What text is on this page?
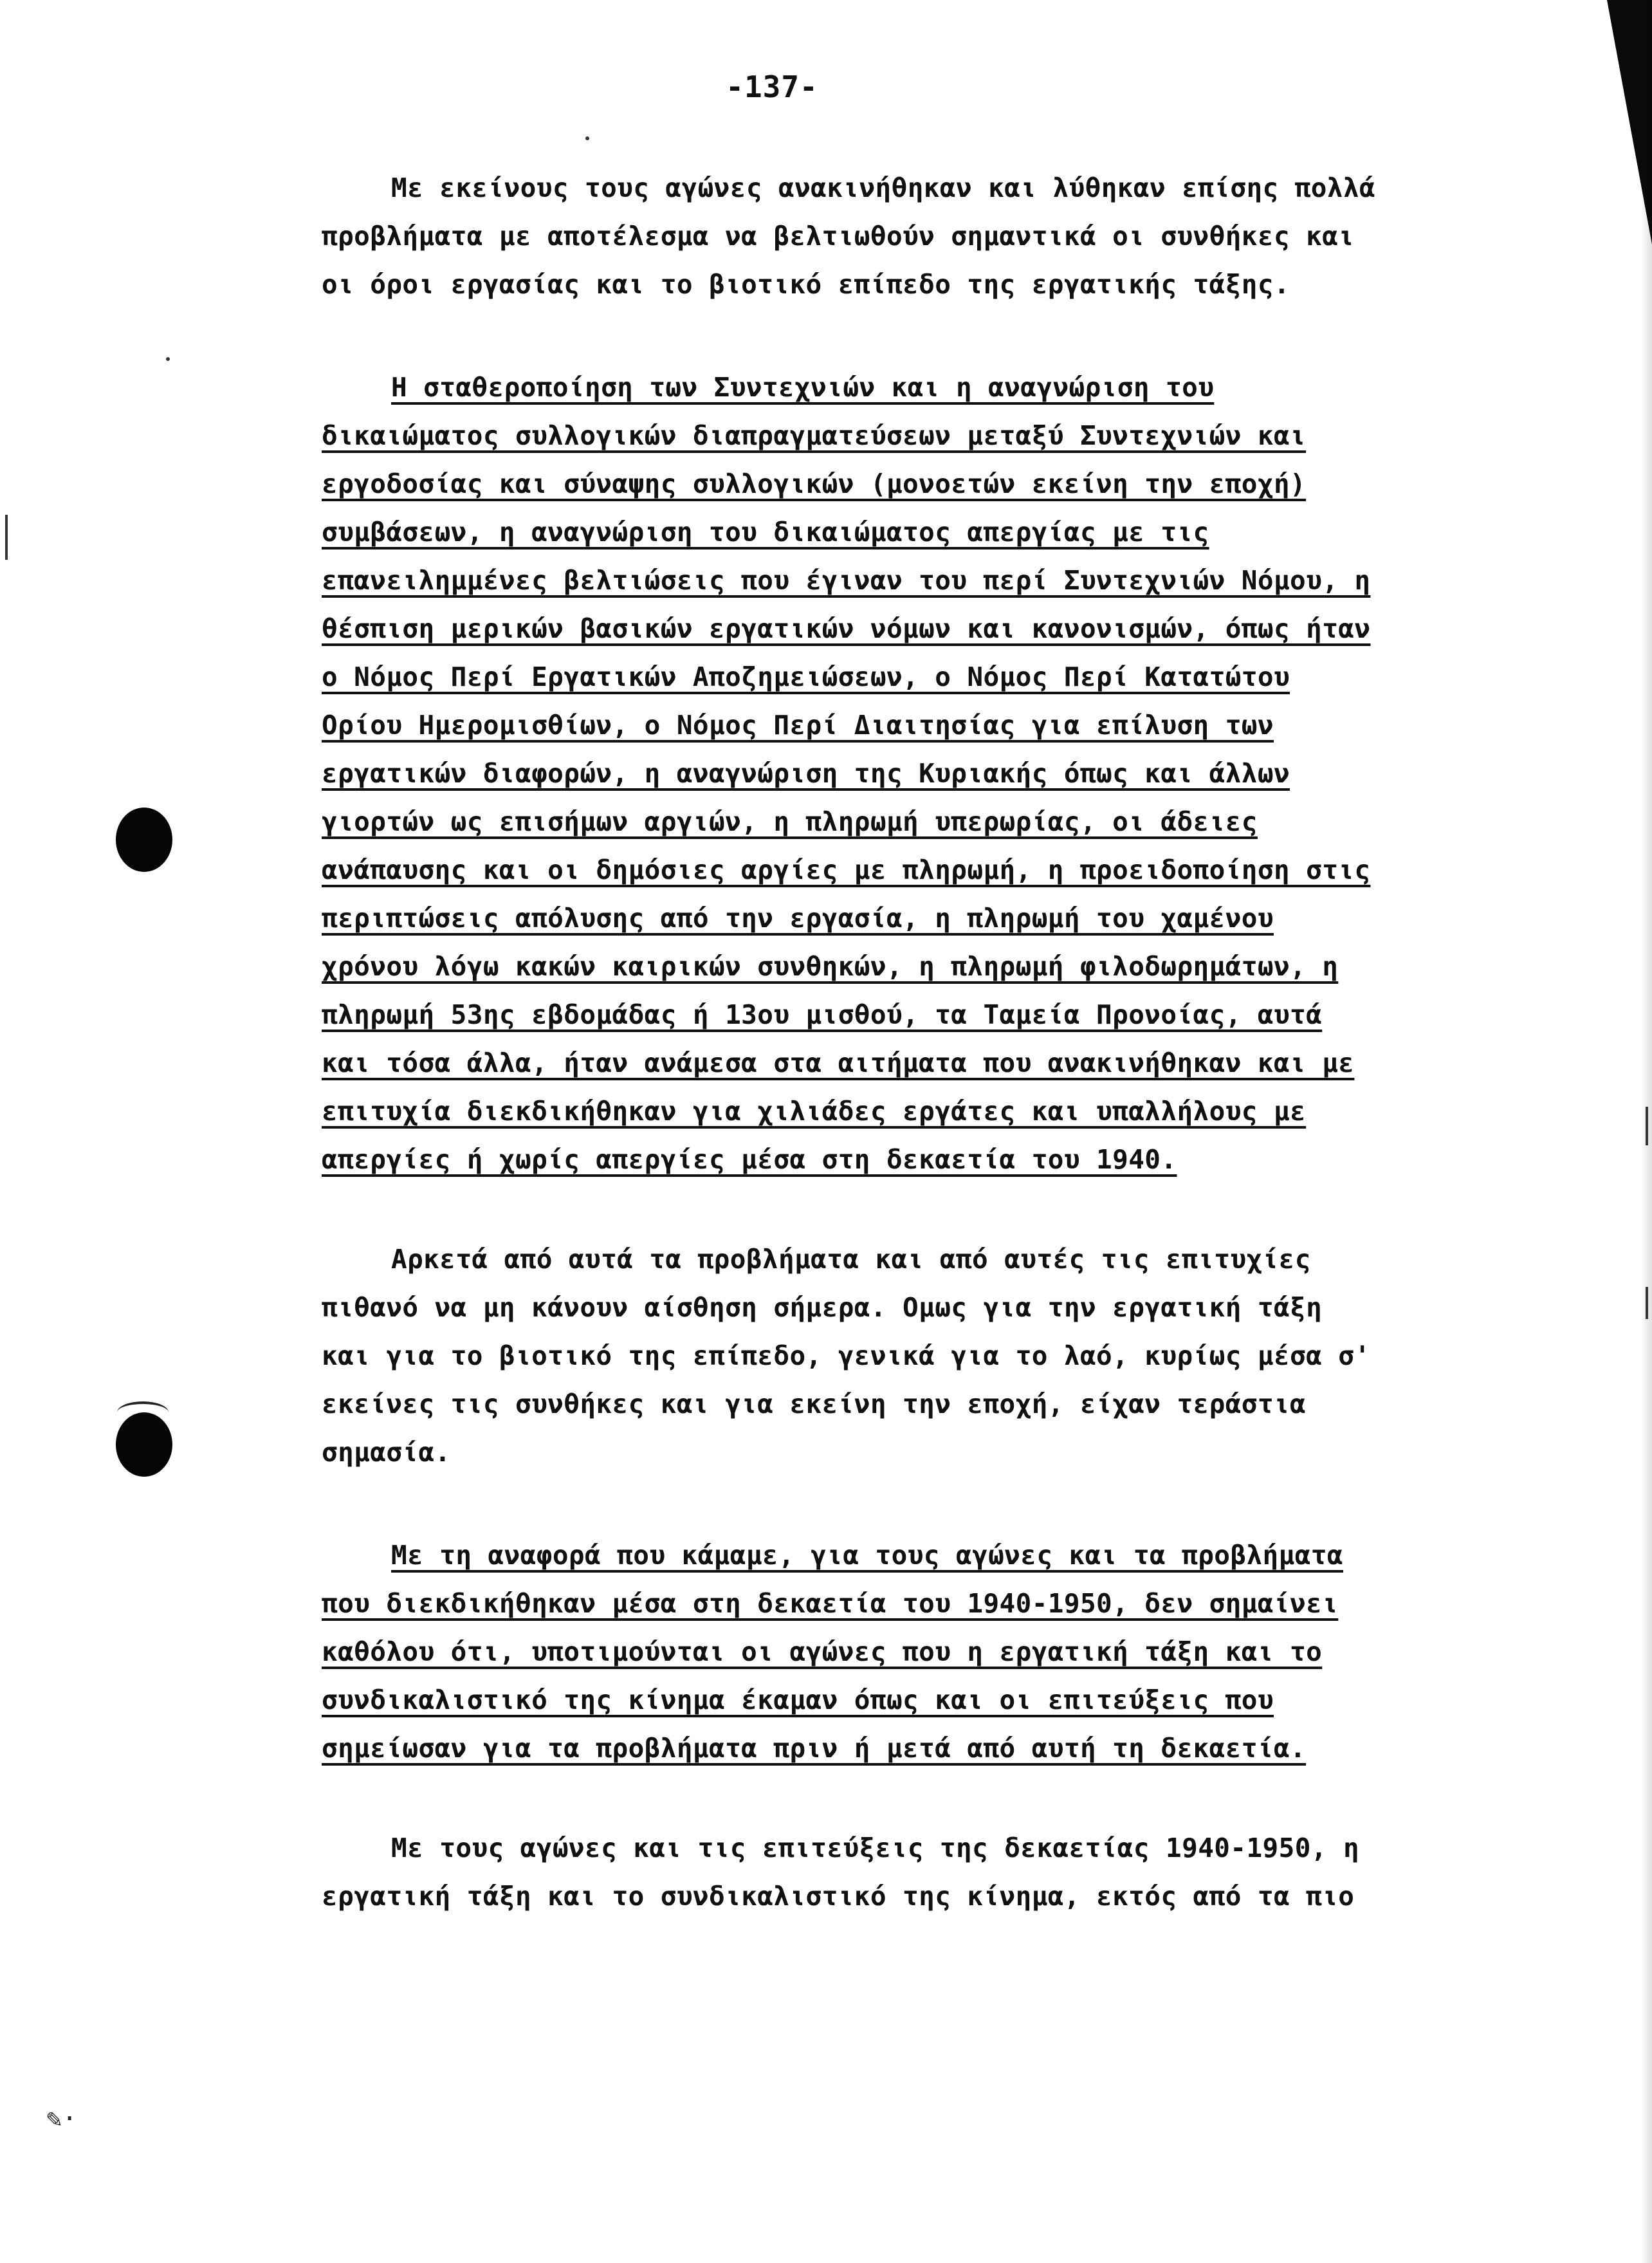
✎·
-137-
Με εκείνους τους αγώνες ανακινήθηκαν και λύθηκαν επίσης πολλά
προβλήματα με αποτέλεσμα να βελτιωθούν σημαντικά οι συνθήκες και
οι όροι εργασίας και το βιοτικό επίπεδο της εργατικής τάξης.
Η σταθεροποίηση των Συντεχνιών και η αναγνώριση του
δικαιώματος συλλογικών διαπραγματεύσεων μεταξύ Συντεχνιών και
εργοδοσίας και σύναψης συλλογικών (μονοετών εκείνη την εποχή)
συμβάσεων, η αναγνώριση του δικαιώματος απεργίας με τις
επανειλημμένες βελτιώσεις που έγιναν του περί Συντεχνιών Νόμου, η
θέσπιση μερικών βασικών εργατικών νόμων και κανονισμών, όπως ήταν
ο Νόμος Περί Εργατικών Αποζημειώσεων, ο Νόμος Περί Κατατώτου
Ορίου Ημερομισθίων, ο Νόμος Περί Διαιτησίας για επίλυση των
εργατικών διαφορών, η αναγνώριση της Κυριακής όπως και άλλων
γιορτών ως επισήμων αργιών, η πληρωμή υπερωρίας, οι άδειες
ανάπαυσης και οι δημόσιες αργίες με πληρωμή, η προειδοποίηση στις
περιπτώσεις απόλυσης από την εργασία, η πληρωμή του χαμένου
χρόνου λόγω κακών καιρικών συνθηκών, η πληρωμή φιλοδωρημάτων, η
πληρωμή 53ης εβδομάδας ή 13ου μισθού, τα Ταμεία Προνοίας, αυτά
και τόσα άλλα, ήταν ανάμεσα στα αιτήματα που ανακινήθηκαν και με
επιτυχία διεκδικήθηκαν για χιλιάδες εργάτες και υπαλλήλους με
απεργίες ή χωρίς απεργίες μέσα στη δεκαετία του 1940.
Αρκετά από αυτά τα προβλήματα και από αυτές τις επιτυχίες
πιθανό να μη κάνουν αίσθηση σήμερα. Ομως για την εργατική τάξη
και για το βιοτικό της επίπεδο, γενικά για το λαό, κυρίως μέσα σ'
εκείνες τις συνθήκες και για εκείνη την εποχή, είχαν τεράστια
σημασία.
Με τη αναφορά που κάμαμε, για τους αγώνες και τα προβλήματα
που διεκδικήθηκαν μέσα στη δεκαετία του 1940-1950, δεν σημαίνει
καθόλου ότι, υποτιμούνται οι αγώνες που η εργατική τάξη και το
συνδικαλιστικό της κίνημα έκαμαν όπως και οι επιτεύξεις που
σημείωσαν για τα προβλήματα πριν ή μετά από αυτή τη δεκαετία.
Με τους αγώνες και τις επιτεύξεις της δεκαετίας 1940-1950, η
εργατική τάξη και το συνδικαλιστικό της κίνημα, εκτός από τα πιο
